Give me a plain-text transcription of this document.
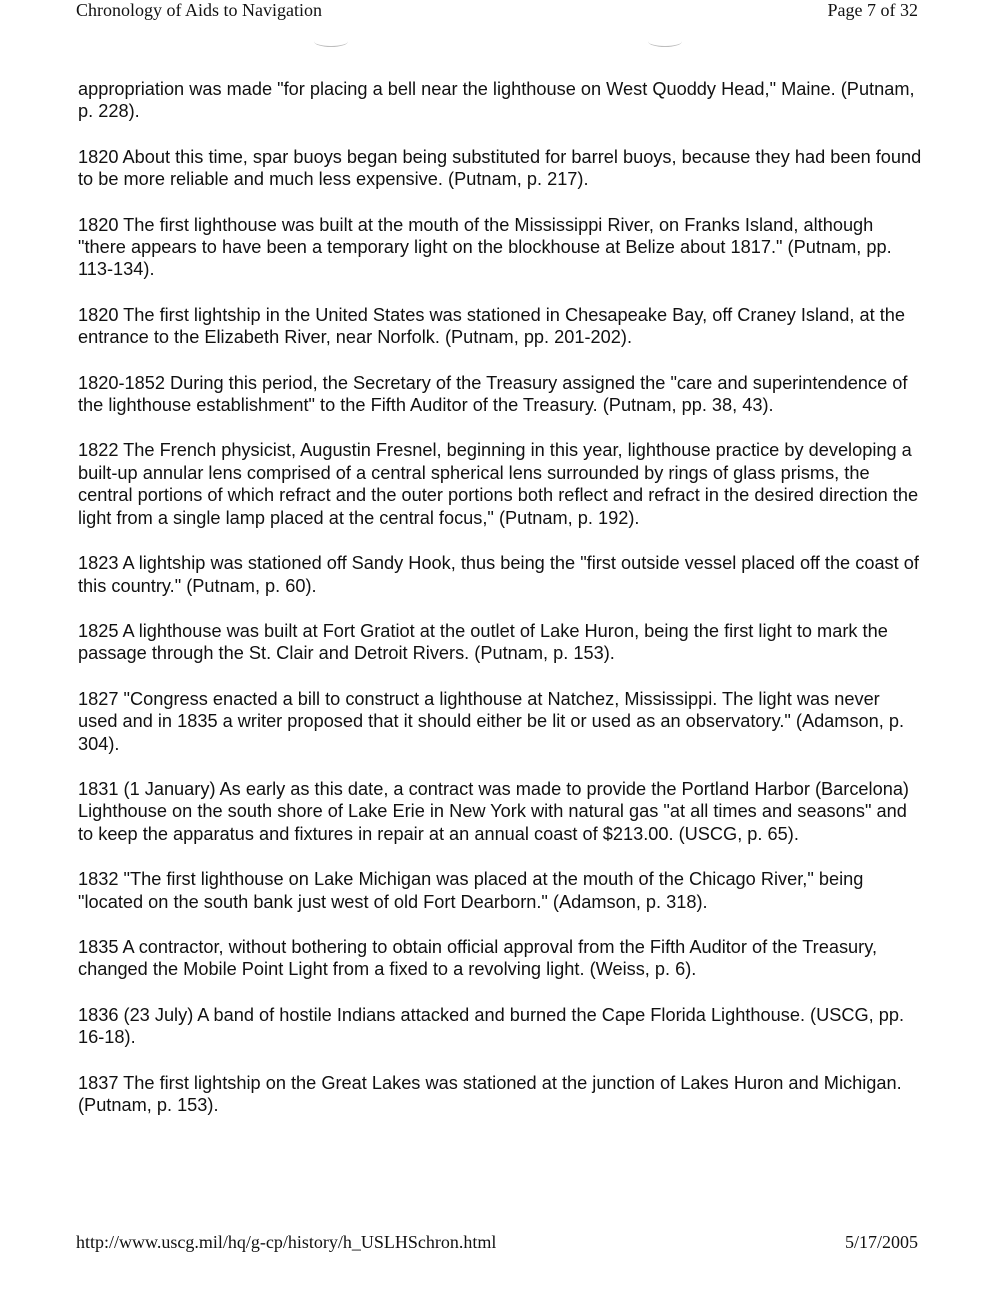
Chronology of Aids to Navigation	Page 7 of 32

appropriation was made "for placing a bell near the lighthouse on West Quoddy Head," Maine. (Putnam, p. 228).

1820 About this time, spar buoys began being substituted for barrel buoys, because they had been found to be more reliable and much less expensive. (Putnam, p. 217).

1820 The first lighthouse was built at the mouth of the Mississippi River, on Franks Island, although "there appears to have been a temporary light on the blockhouse at Belize about 1817." (Putnam, pp. 113-134).

1820 The first lightship in the United States was stationed in Chesapeake Bay, off Craney Island, at the entrance to the Elizabeth River, near Norfolk. (Putnam, pp. 201-202).

1820-1852 During this period, the Secretary of the Treasury assigned the "care and superintendence of the lighthouse establishment" to the Fifth Auditor of the Treasury. (Putnam, pp. 38, 43).

1822 The French physicist, Augustin Fresnel, beginning in this year, lighthouse practice by developing a built-up annular lens comprised of a central spherical lens surrounded by rings of glass prisms, the central portions of which refract and the outer portions both reflect and refract in the desired direction the light from a single lamp placed at the central focus," (Putnam, p. 192).

1823 A lightship was stationed off Sandy Hook, thus being the "first outside vessel placed off the coast of this country." (Putnam, p. 60).

1825 A lighthouse was built at Fort Gratiot at the outlet of Lake Huron, being the first light to mark the passage through the St. Clair and Detroit Rivers. (Putnam, p. 153).

1827 "Congress enacted a bill to construct a lighthouse at Natchez, Mississippi. The light was never used and in 1835 a writer proposed that it should either be lit or used as an observatory." (Adamson, p. 304).

1831 (1 January) As early as this date, a contract was made to provide the Portland Harbor (Barcelona) Lighthouse on the south shore of Lake Erie in New York with natural gas "at all times and seasons" and to keep the apparatus and fixtures in repair at an annual coast of $213.00. (USCG, p. 65).

1832 "The first lighthouse on Lake Michigan was placed at the mouth of the Chicago River," being "located on the south bank just west of old Fort Dearborn." (Adamson, p. 318).

1835 A contractor, without bothering to obtain official approval from the Fifth Auditor of the Treasury, changed the Mobile Point Light from a fixed to a revolving light. (Weiss, p. 6).

1836 (23 July) A band of hostile Indians attacked and burned the Cape Florida Lighthouse. (USCG, pp. 16-18).

1837 The first lightship on the Great Lakes was stationed at the junction of Lakes Huron and Michigan. (Putnam, p. 153).

http://www.uscg.mil/hq/g-cp/history/h_USLHSchron.html	5/17/2005
